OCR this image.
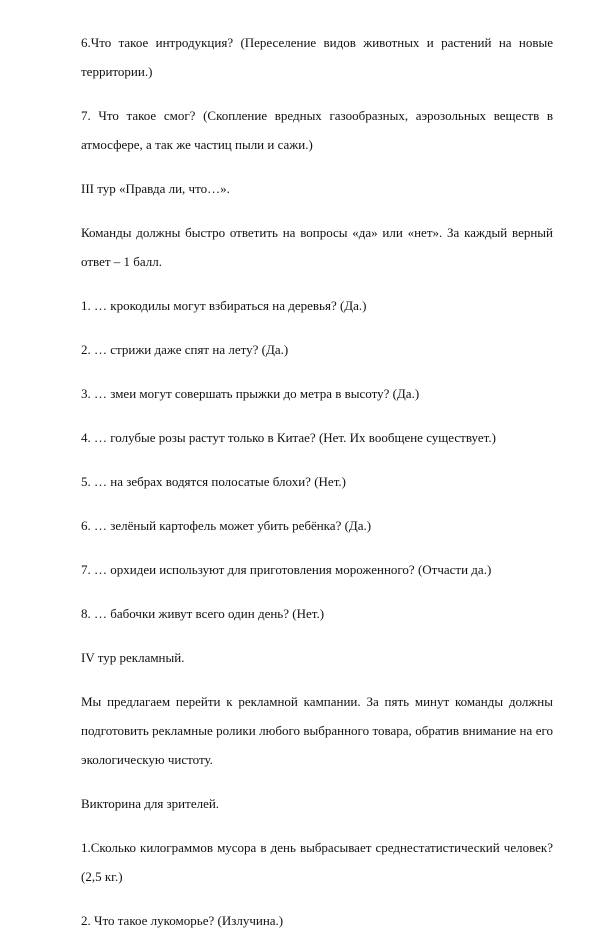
6.Что такое интродукция? (Переселение видов животных и растений на новые территории.)

7. Что такое смог? (Скопление вредных газообразных, аэрозольных веществ в атмосфере, а так же частиц пыли и сажи.)

III тур «Правда ли, что…».

Команды должны быстро ответить на вопросы «да» или «нет». За каждый верный ответ – 1 балл.

1. … крокодилы могут взбираться на деревья? (Да.)

2. … стрижи даже спят на лету? (Да.)

3. … змеи могут совершать прыжки до метра в высоту? (Да.)

4. … голубые розы растут только в Китае? (Нет. Их вообщене существует.)

5. … на зебрах водятся полосатые блохи? (Нет.)

6. … зелёный картофель может убить ребёнка? (Да.)

7. … орхидеи используют для приготовления мороженного? (Отчасти да.)

8. … бабочки живут всего один день? (Нет.)

IV тур рекламный.

Мы предлагаем перейти к рекламной кампании. За пять минут команды должны подготовить рекламные ролики любого выбранного товара, обратив внимание на его экологическую чистоту.

Викторина для зрителей.

1.Сколько килограммов мусора в день выбрасывает среднестатистический человек? (2,5 кг.)

2. Что такое лукоморье? (Излучина.)
